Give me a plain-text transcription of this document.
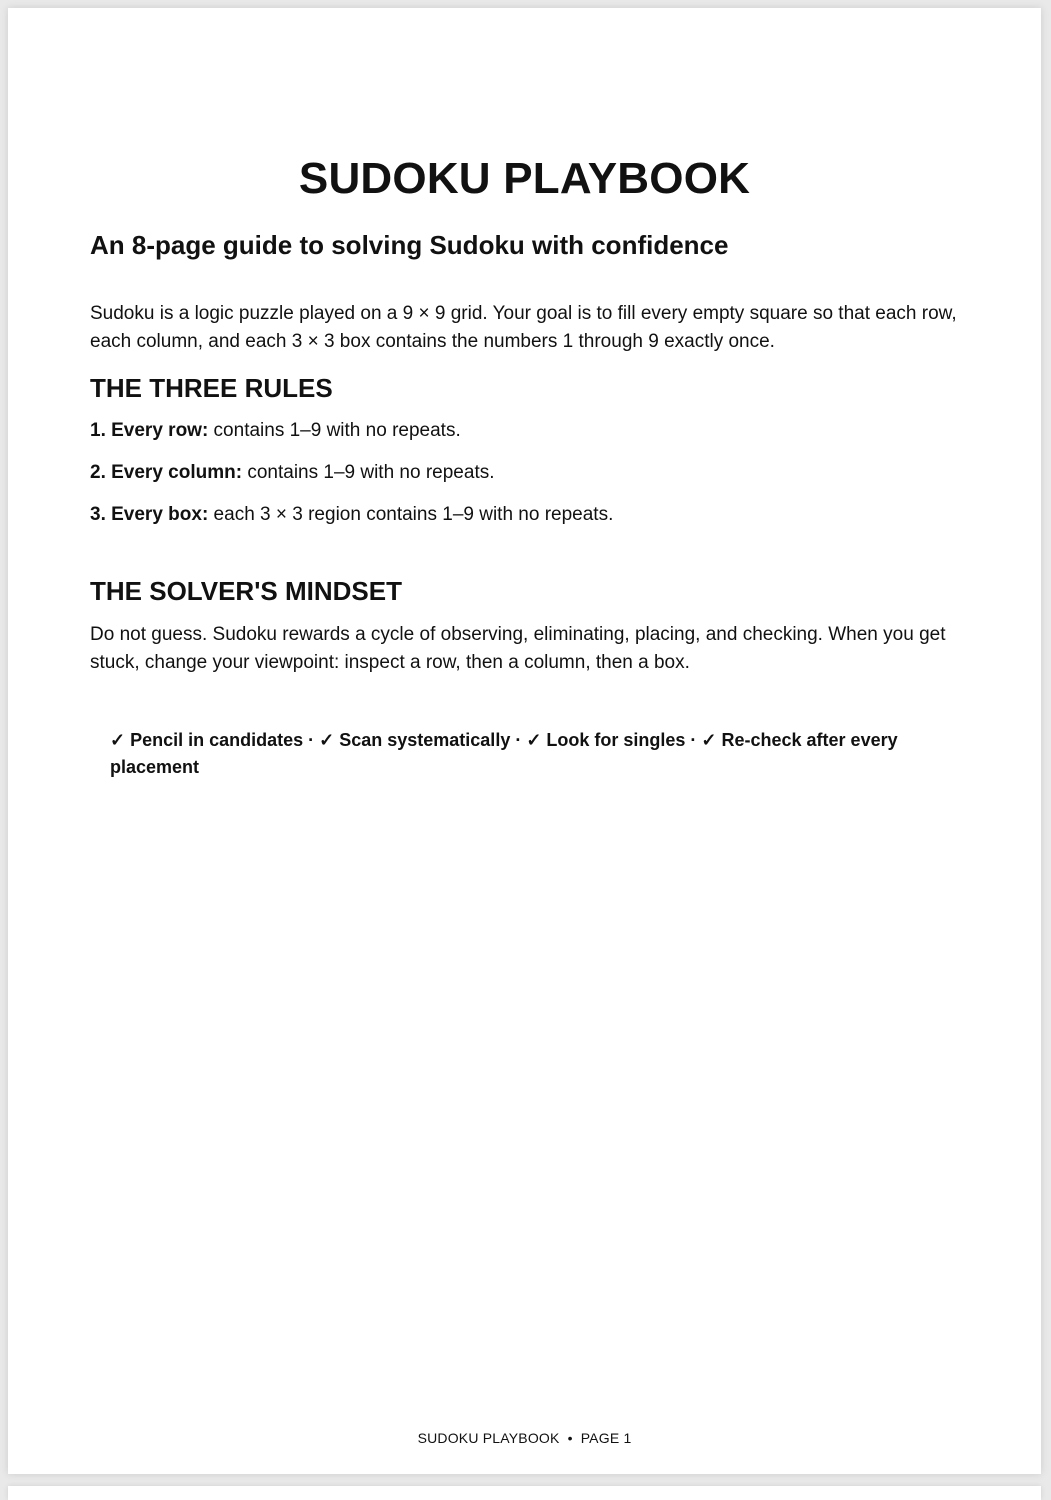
SUDOKU PLAYBOOK
An 8-page guide to solving Sudoku with confidence

Sudoku is a logic puzzle played on a 9 × 9 grid. Your goal is to fill every empty square so that each row, each column, and each 3 × 3 box contains the numbers 1 through 9 exactly once.

THE THREE RULES

1. Every row: contains 1–9 with no repeats.

2. Every column: contains 1–9 with no repeats.

3. Every box: each 3 × 3 region contains 1–9 with no repeats.

THE SOLVER'S MINDSET

Do not guess. Sudoku rewards a cycle of observing, eliminating, placing, and checking. When you get stuck, change your viewpoint: inspect a row, then a column, then a box.

✓ Pencil in candidates · ✓ Scan systematically · ✓ Look for singles · ✓ Re-check after every placement

SUDOKU PLAYBOOK • PAGE 1
